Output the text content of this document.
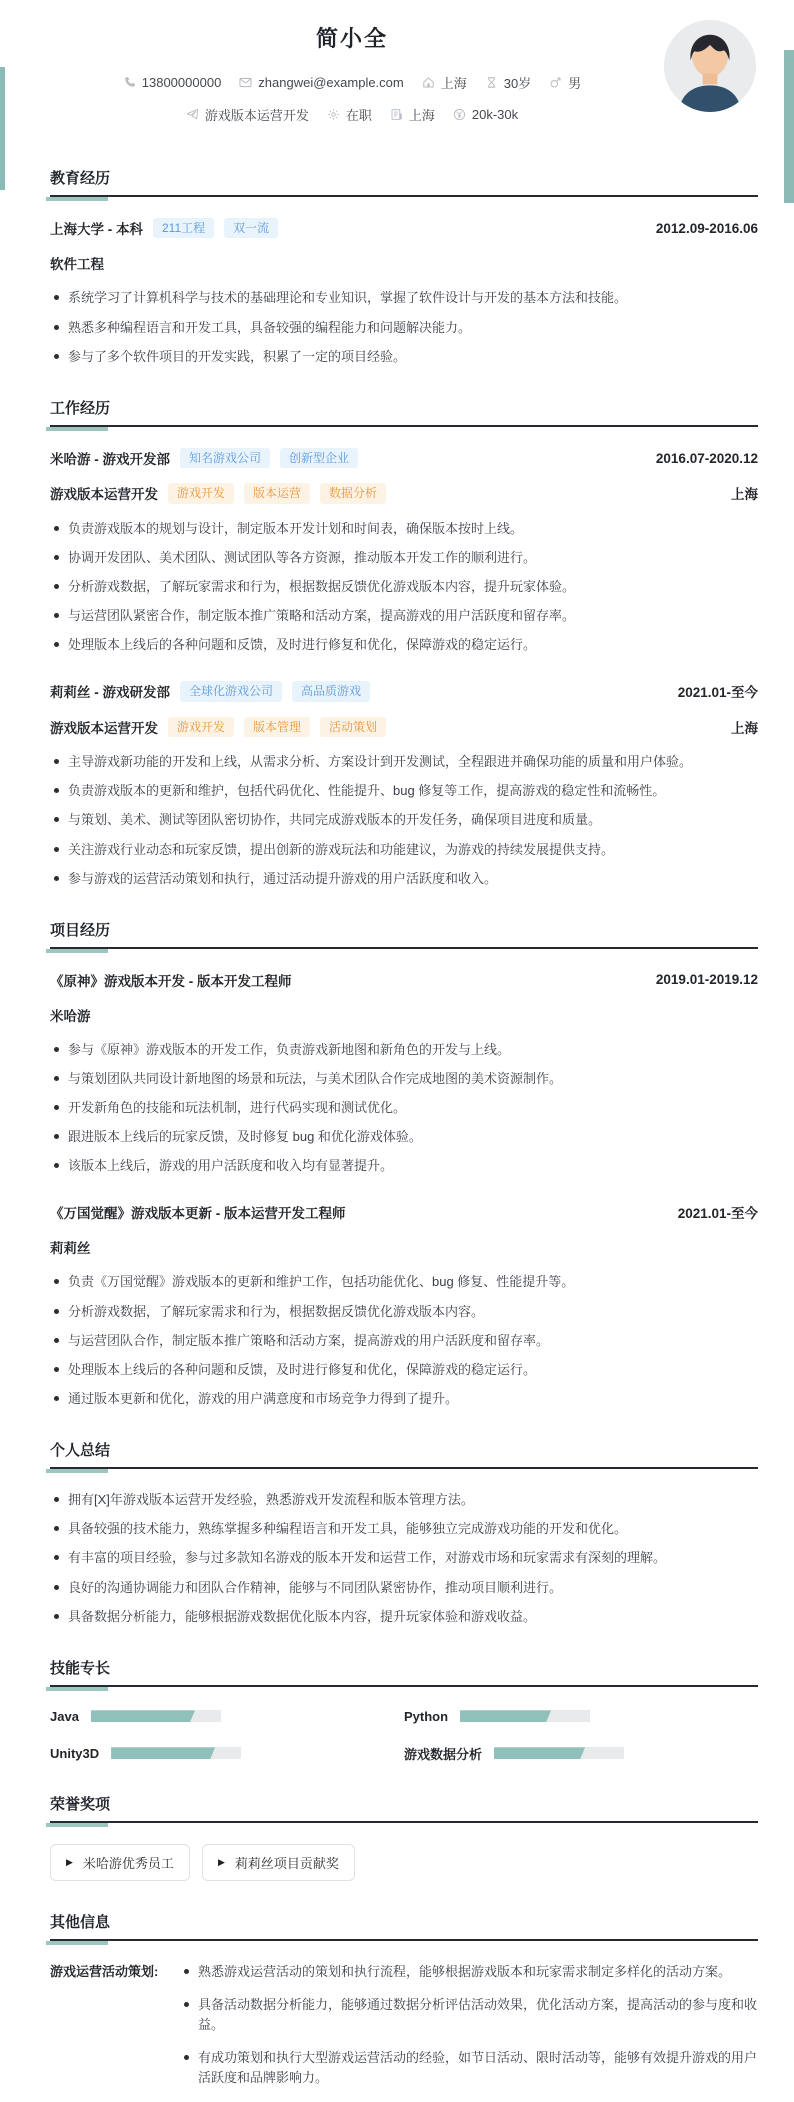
简小全
13800000000	zhangwei@example.com	上海	30岁	男
游戏版本运营开发	在职	上海	20k-30k
教育经历
上海大学 - 本科	211工程	双一流	2012.09-2016.06
软件工程
系统学习了计算机科学与技术的基础理论和专业知识，掌握了软件设计与开发的基本方法和技能。
熟悉多种编程语言和开发工具，具备较强的编程能力和问题解决能力。
参与了多个软件项目的开发实践，积累了一定的项目经验。
工作经历
米哈游 - 游戏开发部	知名游戏公司	创新型企业	2016.07-2020.12
游戏版本运营开发	游戏开发	版本运营	数据分析	上海
负责游戏版本的规划与设计，制定版本开发计划和时间表，确保版本按时上线。
协调开发团队、美术团队、测试团队等各方资源，推动版本开发工作的顺利进行。
分析游戏数据，了解玩家需求和行为，根据数据反馈优化游戏版本内容，提升玩家体验。
与运营团队紧密合作，制定版本推广策略和活动方案，提高游戏的用户活跃度和留存率。
处理版本上线后的各种问题和反馈，及时进行修复和优化，保障游戏的稳定运行。
莉莉丝 - 游戏研发部	全球化游戏公司	高品质游戏	2021.01-至今
游戏版本运营开发	游戏开发	版本管理	活动策划	上海
主导游戏新功能的开发和上线，从需求分析、方案设计到开发测试，全程跟进并确保功能的质量和用户体验。
负责游戏版本的更新和维护，包括代码优化、性能提升、bug 修复等工作，提高游戏的稳定性和流畅性。
与策划、美术、测试等团队密切协作，共同完成游戏版本的开发任务，确保项目进度和质量。
关注游戏行业动态和玩家反馈，提出创新的游戏玩法和功能建议，为游戏的持续发展提供支持。
参与游戏的运营活动策划和执行，通过活动提升游戏的用户活跃度和收入。
项目经历
《原神》游戏版本开发 - 版本开发工程师	2019.01-2019.12
米哈游
参与《原神》游戏版本的开发工作，负责游戏新地图和新角色的开发与上线。
与策划团队共同设计新地图的场景和玩法，与美术团队合作完成地图的美术资源制作。
开发新角色的技能和玩法机制，进行代码实现和测试优化。
跟进版本上线后的玩家反馈，及时修复 bug 和优化游戏体验。
该版本上线后，游戏的用户活跃度和收入均有显著提升。
《万国觉醒》游戏版本更新 - 版本运营开发工程师	2021.01-至今
莉莉丝
负责《万国觉醒》游戏版本的更新和维护工作，包括功能优化、bug 修复、性能提升等。
分析游戏数据，了解玩家需求和行为，根据数据反馈优化游戏版本内容。
与运营团队合作，制定版本推广策略和活动方案，提高游戏的用户活跃度和留存率。
处理版本上线后的各种问题和反馈，及时进行修复和优化，保障游戏的稳定运行。
通过版本更新和优化，游戏的用户满意度和市场竞争力得到了提升。
个人总结
拥有[X]年游戏版本运营开发经验，熟悉游戏开发流程和版本管理方法。
具备较强的技术能力，熟练掌握多种编程语言和开发工具，能够独立完成游戏功能的开发和优化。
有丰富的项目经验，参与过多款知名游戏的版本开发和运营工作，对游戏市场和玩家需求有深刻的理解。
良好的沟通协调能力和团队合作精神，能够与不同团队紧密协作，推动项目顺利进行。
具备数据分析能力，能够根据游戏数据优化版本内容，提升玩家体验和游戏收益。
技能专长
Java	Python
Unity3D	游戏数据分析
荣誉奖项
▶ 米哈游优秀员工	▶ 莉莉丝项目贡献奖
其他信息
游戏运营活动策划:	熟悉游戏运营活动的策划和执行流程，能够根据游戏版本和玩家需求制定多样化的活动方案。
具备活动数据分析能力，能够通过数据分析评估活动效果，优化活动方案，提高活动的参与度和收益。
有成功策划和执行大型游戏运营活动的经验，如节日活动、限时活动等，能够有效提升游戏的用户活跃度和品牌影响力。
